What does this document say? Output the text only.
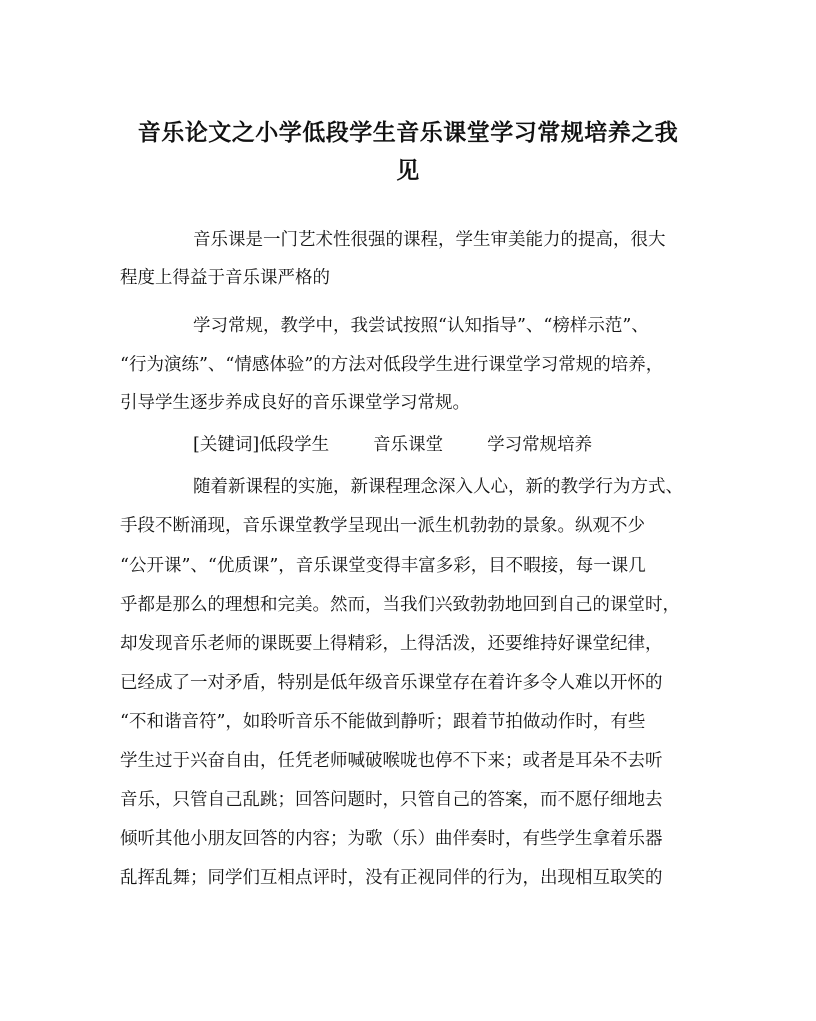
音乐论文之小学低段学生音乐课堂学习常规培养之我
见
音乐课是一门艺术性很强的课程，学生审美能力的提高，很大
程度上得益于音乐课严格的
学习常规，教学中，我尝试按照“认知指导”、“榜样示范”、
“行为演练”、“情感体验”的方法对低段学生进行课堂学习常规的培养，
引导学生逐步养成良好的音乐课堂学习常规。
[关键词]低段学生	音乐课堂	学习常规培养
随着新课程的实施，新课程理念深入人心，新的教学行为方式、
手段不断涌现，音乐课堂教学呈现出一派生机勃勃的景象。纵观不少
“公开课”、“优质课”，音乐课堂变得丰富多彩，目不暇接，每一课几
乎都是那么的理想和完美。然而，当我们兴致勃勃地回到自己的课堂时，
却发现音乐老师的课既要上得精彩，上得活泼，还要维持好课堂纪律，
已经成了一对矛盾，特别是低年级音乐课堂存在着许多令人难以开怀的
“不和谐音符”，如聆听音乐不能做到静听；跟着节拍做动作时，有些
学生过于兴奋自由，任凭老师喊破喉咙也停不下来；或者是耳朵不去听
音乐，只管自己乱跳；回答问题时，只管自己的答案，而不愿仔细地去
倾听其他小朋友回答的内容；为歌（乐）曲伴奏时，有些学生拿着乐器
乱挥乱舞；同学们互相点评时，没有正视同伴的行为，出现相互取笑的
